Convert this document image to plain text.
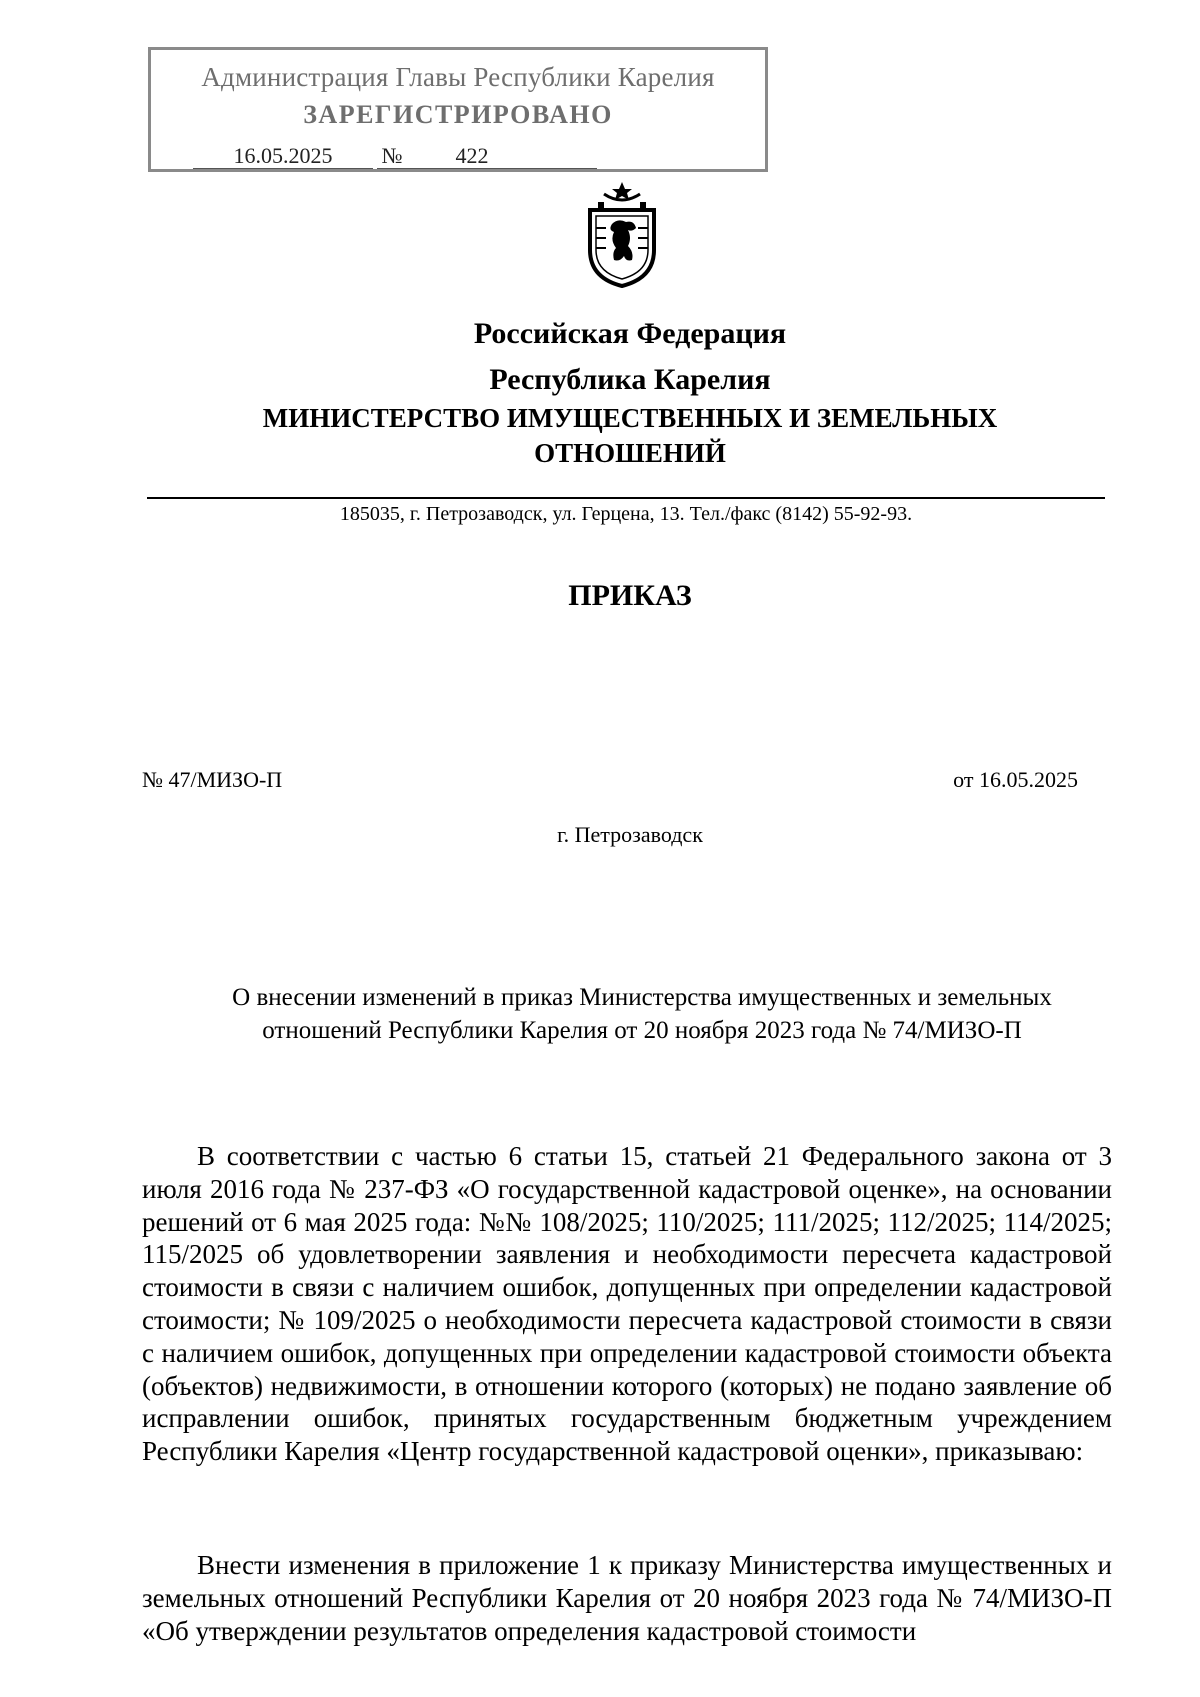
Администрация Главы Республики Карелия
ЗАРЕГИСТРИРОВАНО
16.05.2025	№	422
Российская Федерация
Республика Карелия
МИНИСТЕРСТВО ИМУЩЕСТВЕННЫХ И ЗЕМЕЛЬНЫХ
ОТНОШЕНИЙ
185035, г. Петрозаводск, ул. Герцена, 13. Тел./факс (8142) 55-92-93.
ПРИКАЗ
№ 47/МИЗО-П	от 16.05.2025
г. Петрозаводск
О внесении изменений в приказ Министерства имущественных и земельных отношений Республики Карелия от 20 ноября 2023 года № 74/МИЗО-П

В соответствии с частью 6 статьи 15, статьей 21 Федерального закона от 3 июля 2016 года № 237-ФЗ «О государственной кадастровой оценке», на основании решений от 6 мая 2025 года: №№ 108/2025; 110/2025; 111/2025; 112/2025; 114/2025; 115/2025 об удовлетворении заявления и необходимости пересчета кадастровой стоимости в связи с наличием ошибок, допущенных при определении кадастровой стоимости; № 109/2025 о необходимости пересчета кадастровой стоимости в связи с наличием ошибок, допущенных при определении кадастровой стоимости объекта (объектов) недвижимости, в отношении которого (которых) не подано заявление об исправлении ошибок, принятых государственным бюджетным учреждением Республики Карелия «Центр государственной кадастровой оценки», приказываю:

Внести изменения в приложение 1 к приказу Министерства имущественных и земельных отношений Республики Карелия от 20 ноября 2023 года № 74/МИЗО-П «Об утверждении результатов определения кадастровой стоимости
